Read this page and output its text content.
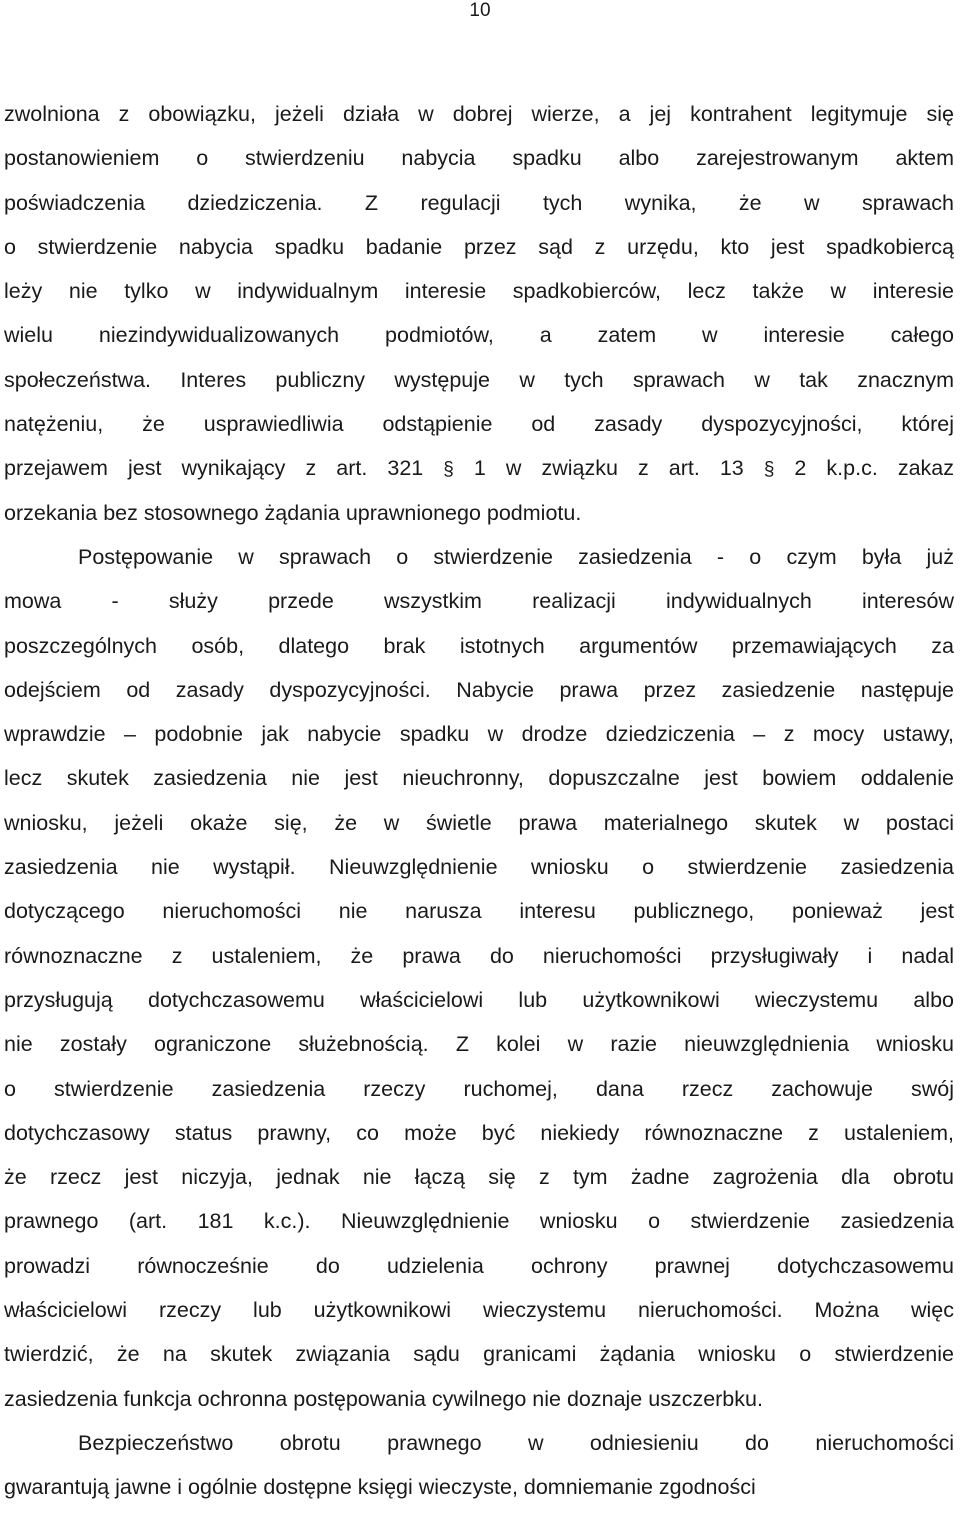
10

zwolniona z obowiązku, jeżeli działa w dobrej wierze, a jej kontrahent legitymuje się
postanowieniem o stwierdzeniu nabycia spadku albo zarejestrowanym aktem
poświadczenia dziedziczenia. Z regulacji tych wynika, że w sprawach
o stwierdzenie nabycia spadku badanie przez sąd z urzędu, kto jest spadkobiercą
leży nie tylko w indywidualnym interesie spadkobierców, lecz także w interesie
wielu niezindywidualizowanych podmiotów, a zatem w interesie całego
społeczeństwa. Interes publiczny występuje w tych sprawach w tak znacznym
natężeniu, że usprawiedliwia odstąpienie od zasady dyspozycyjności, której
przejawem jest wynikający z art. 321 § 1 w związku z art. 13 § 2 k.p.c. zakaz
orzekania bez stosownego żądania uprawnionego podmiotu.

Postępowanie w sprawach o stwierdzenie zasiedzenia - o czym była już
mowa - służy przede wszystkim realizacji indywidualnych interesów
poszczególnych osób, dlatego brak istotnych argumentów przemawiających za
odejściem od zasady dyspozycyjności. Nabycie prawa przez zasiedzenie następuje
wprawdzie – podobnie jak nabycie spadku w drodze dziedziczenia – z mocy ustawy,
lecz skutek zasiedzenia nie jest nieuchronny, dopuszczalne jest bowiem oddalenie
wniosku, jeżeli okaże się, że w świetle prawa materialnego skutek w postaci
zasiedzenia nie wystąpił. Nieuwzględnienie wniosku o stwierdzenie zasiedzenia
dotyczącego nieruchomości nie narusza interesu publicznego, ponieważ jest
równoznaczne z ustaleniem, że prawa do nieruchomości przysługiwały i nadal
przysługują dotychczasowemu właścicielowi lub użytkownikowi wieczystemu albo
nie zostały ograniczone służebnością. Z kolei w razie nieuwzględnienia wniosku
o stwierdzenie zasiedzenia rzeczy ruchomej, dana rzecz zachowuje swój
dotychczasowy status prawny, co może być niekiedy równoznaczne z ustaleniem,
że rzecz jest niczyja, jednak nie łączą się z tym żadne zagrożenia dla obrotu
prawnego (art. 181 k.c.). Nieuwzględnienie wniosku o stwierdzenie zasiedzenia
prowadzi równocześnie do udzielenia ochrony prawnej dotychczasowemu
właścicielowi rzeczy lub użytkownikowi wieczystemu nieruchomości. Można więc
twierdzić, że na skutek związania sądu granicami żądania wniosku o stwierdzenie
zasiedzenia funkcja ochronna postępowania cywilnego nie doznaje uszczerbku.

Bezpieczeństwo obrotu prawnego w odniesieniu do nieruchomości
gwarantują jawne i ogólnie dostępne księgi wieczyste, domniemanie zgodności
